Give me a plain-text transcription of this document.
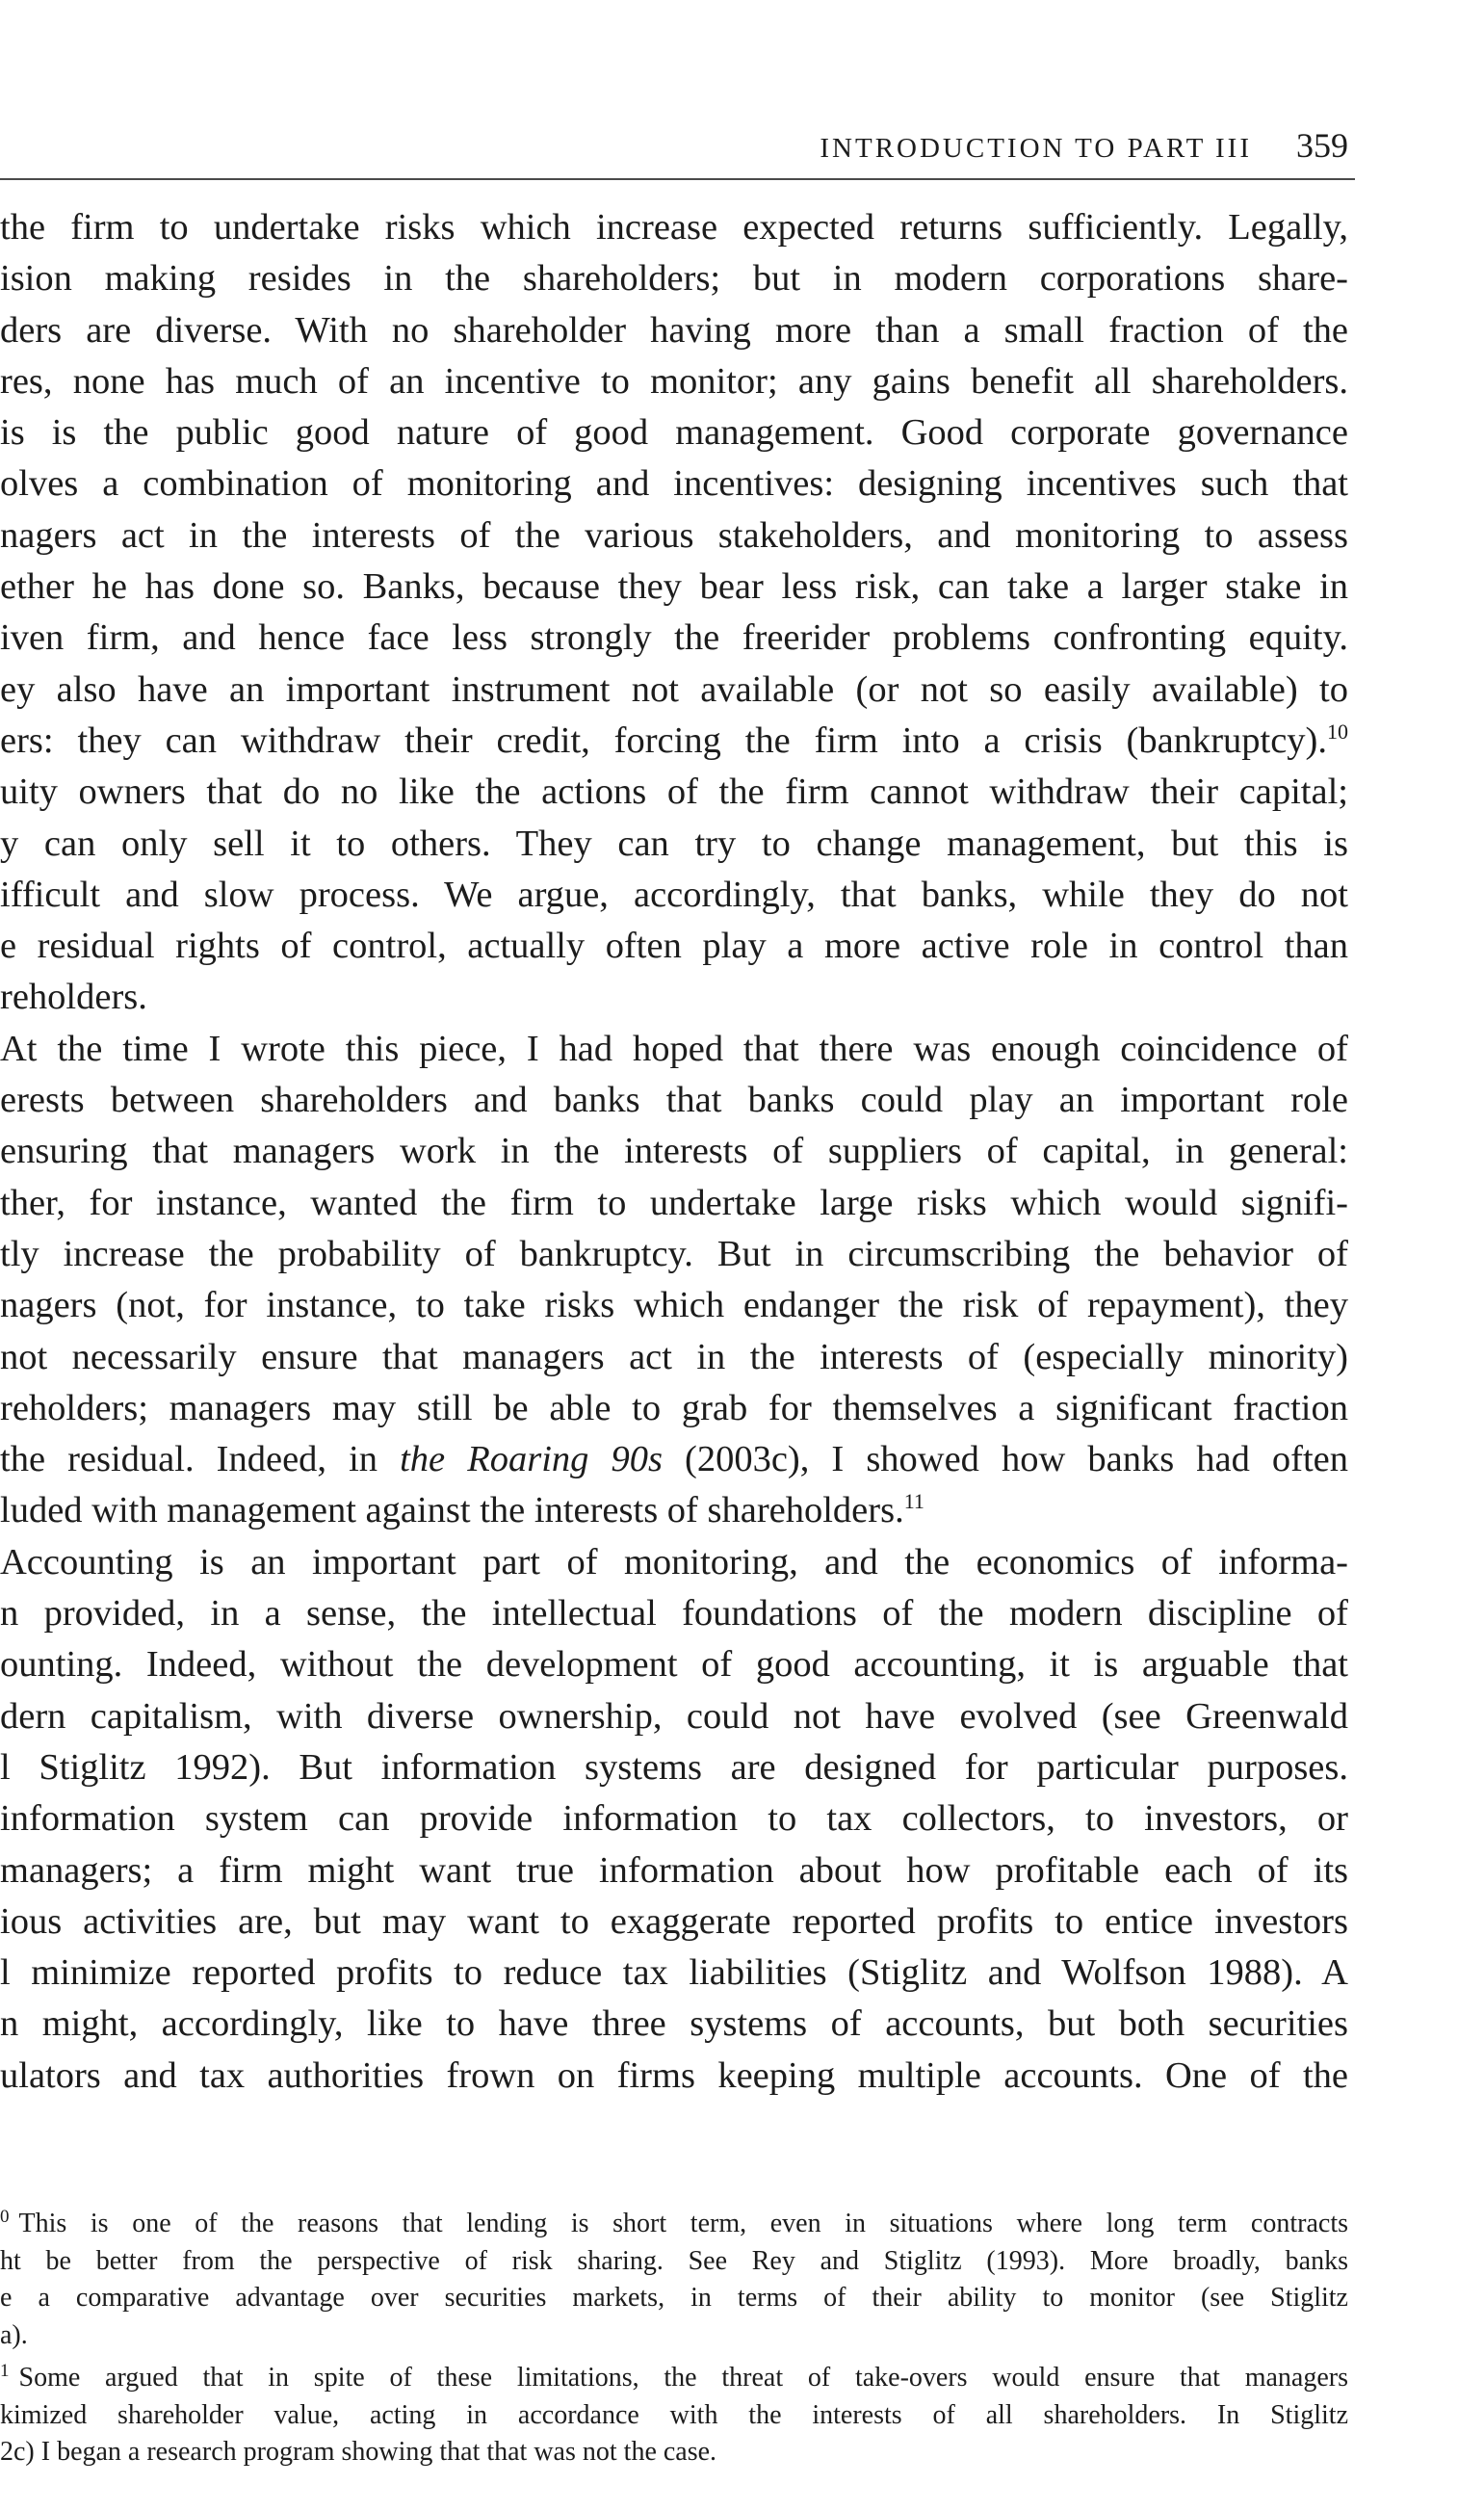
INTRODUCTION TO PART III 359
the firm to undertake risks which increase expected returns sufficiently. Legally,
ision making resides in the shareholders; but in modern corporations share-
ders are diverse. With no shareholder having more than a small fraction of the
res, none has much of an incentive to monitor; any gains benefit all shareholders.
is is the public good nature of good management. Good corporate governance
olves a combination of monitoring and incentives: designing incentives such that
nagers act in the interests of the various stakeholders, and monitoring to assess
ether he has done so. Banks, because they bear less risk, can take a larger stake in
iven firm, and hence face less strongly the freerider problems confronting equity.
ey also have an important instrument not available (or not so easily available) to
ers: they can withdraw their credit, forcing the firm into a crisis (bankruptcy).$^{10}$
uity owners that do no like the actions of the firm cannot withdraw their capital;
y can only sell it to others. They can try to change management, but this is
ifficult and slow process. We argue, accordingly, that banks, while they do not
e residual rights of control, actually often play a more active role in control than
reholders.
At the time I wrote this piece, I had hoped that there was enough coincidence of
erests between shareholders and banks that banks could play an important role
ensuring that managers work in the interests of suppliers of capital, in general:
ther, for instance, wanted the firm to undertake large risks which would signifi-
tly increase the probability of bankruptcy. But in circumscribing the behavior of
nagers (not, for instance, to take risks which endanger the risk of repayment), they
not necessarily ensure that managers act in the interests of (especially minority)
reholders; managers may still be able to grab for themselves a significant fraction
the residual. Indeed, in the Roaring 90s (2003c), I showed how banks had often
luded with management against the interests of shareholders.$^{11}$
Accounting is an important part of monitoring, and the economics of informa-
n provided, in a sense, the intellectual foundations of the modern discipline of
ounting. Indeed, without the development of good accounting, it is arguable that
dern capitalism, with diverse ownership, could not have evolved (see Greenwald
l Stiglitz 1992). But information systems are designed for particular purposes.
information system can provide information to tax collectors, to investors, or
managers; a firm might want true information about how profitable each of its
ious activities are, but may want to exaggerate reported profits to entice investors
l minimize reported profits to reduce tax liabilities (Stiglitz and Wolfson 1988). A
n might, accordingly, like to have three systems of accounts, but both securities
ulators and tax authorities frown on firms keeping multiple accounts. One of the
$^0$ This is one of the reasons that lending is short term, even in situations where long term contracts
ht be better from the perspective of risk sharing. See Rey and Stiglitz (1993). More broadly, banks
e a comparative advantage over securities markets, in terms of their ability to monitor (see Stiglitz
a).
$^1$ Some argued that in spite of these limitations, the threat of take-overs would ensure that managers
kimized shareholder value, acting in accordance with the interests of all shareholders. In Stiglitz
2c) I began a research program showing that that was not the case.
